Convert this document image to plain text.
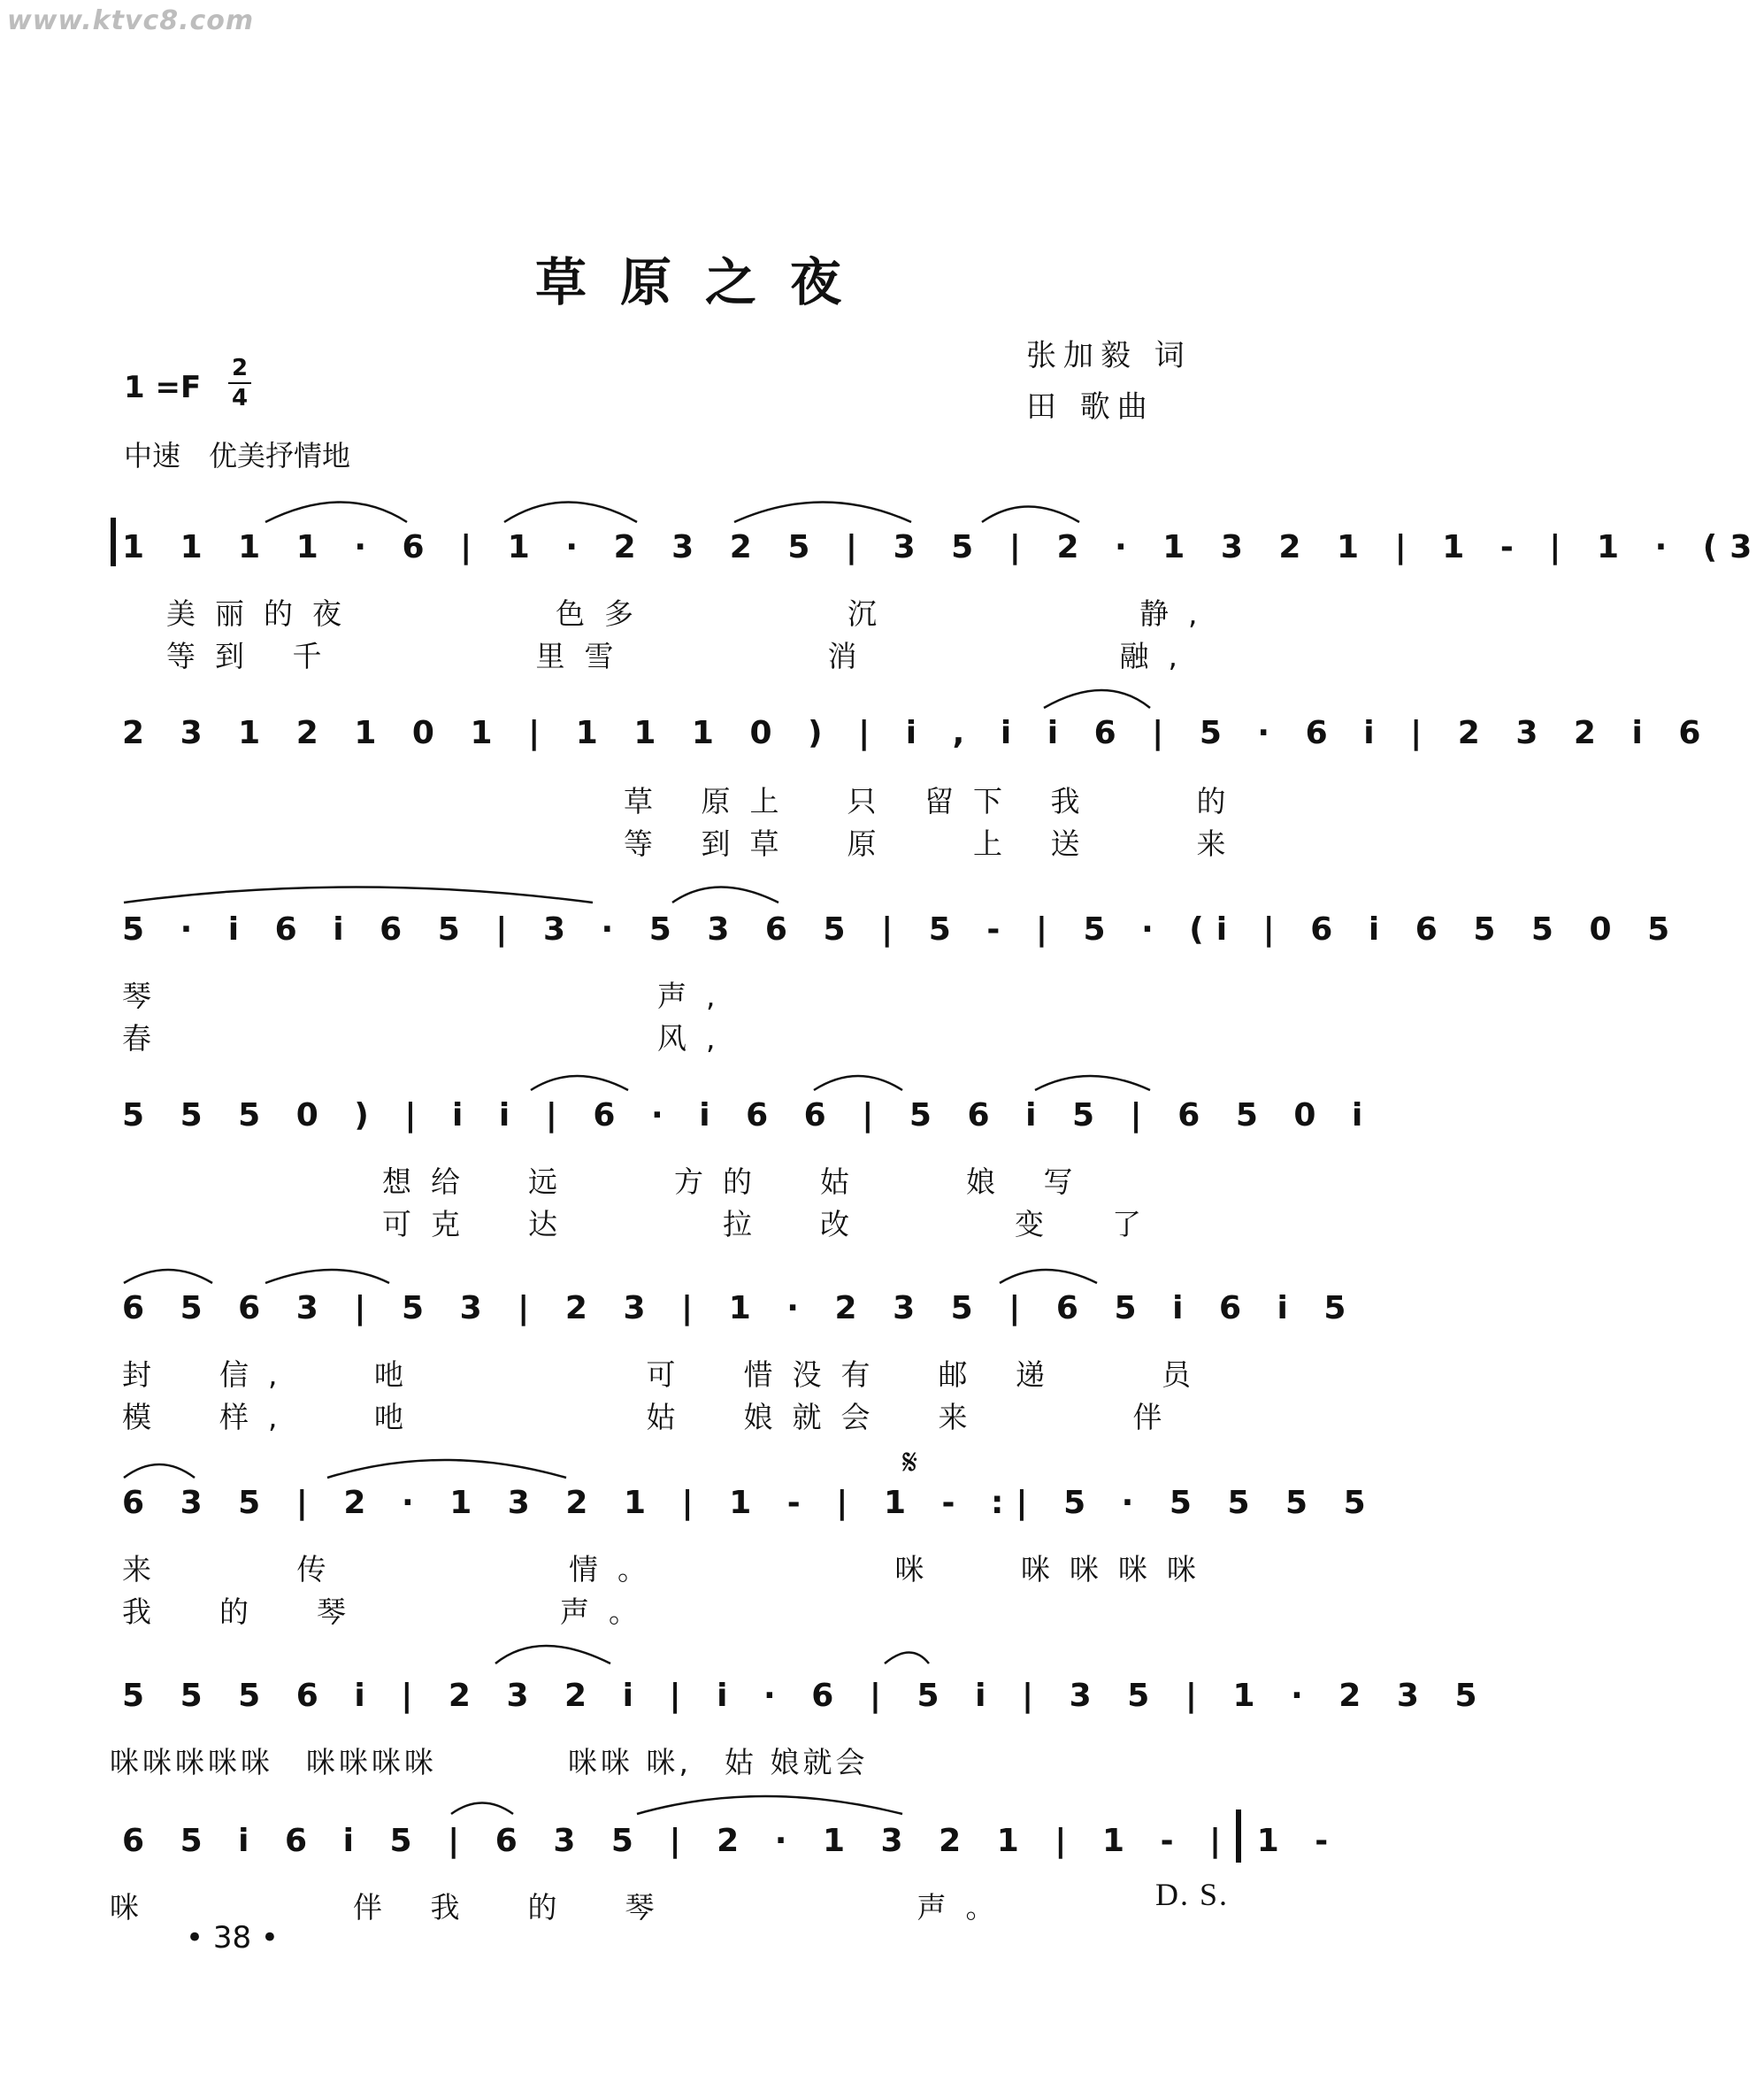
www.ktvc8.com
草原之夜
张加毅 词
田 歌曲
1 =F
2
4
中速　优美抒情地
1 1 1 1 · 6 | 1 · 2 3 2 5 | 3 5 | 2 · 1 3 2 1 | 1 - | 1 · (3
美丽的夜　　　　色多　　　　沉　　　　　静,
等到 千　　　　里雪　　　　消　　　　　融,
2 3 1 2 1 0 1 | 1 1 1 0 ) | i , i i 6 | 5 · 6 i | 2 3 2 i 6
草 原上　只 留下 我　　的
等 到草　原　 上 送　　来
5 · i 6 i 6 5 | 3 · 5 3 6 5 | 5 - | 5 · (i | 6 i 6 5 5 0 5
琴　　　　　　　　　　声,
春　　　　　　　　　　风,
5 5 5 0 ) | i i | 6 · i 6 6 | 5 6 i 5 | 6 5 0 i
想给　远　　方的　姑　　娘 写
可克　达　　　拉　改　　　变　了
6 5 6 3 | 5 3 | 2 3 | 1 · 2 3 5 | 6 5 i 6 i 5
封　信,　 吔　　　　 可　惜没有　邮 递　　员
模　样,　 吔　　　　 姑　娘就会　来　　　伴
𝄋
6 3 5 | 2 · 1 3 2 1 | 1 - | 1 - :| 5 · 5 5 5 5
来　　 传　　　　 情。　　　　　咪　 咪咪咪咪
我　的　琴　　　　声。
5 5 5 6 i | 2 3 2 i | i · 6 | 5 i | 3 5 | 1 · 2 3 5
咪咪咪咪咪　咪咪咪咪　　　　咪咪 咪,　姑 娘就会
6 5 i 6 i 5 | 6 3 5 | 2 · 1 3 2 1 | 1 - | 1 -
咪　　　　伴 我　的　琴　　　　　声。	D. S.
• 38 •
